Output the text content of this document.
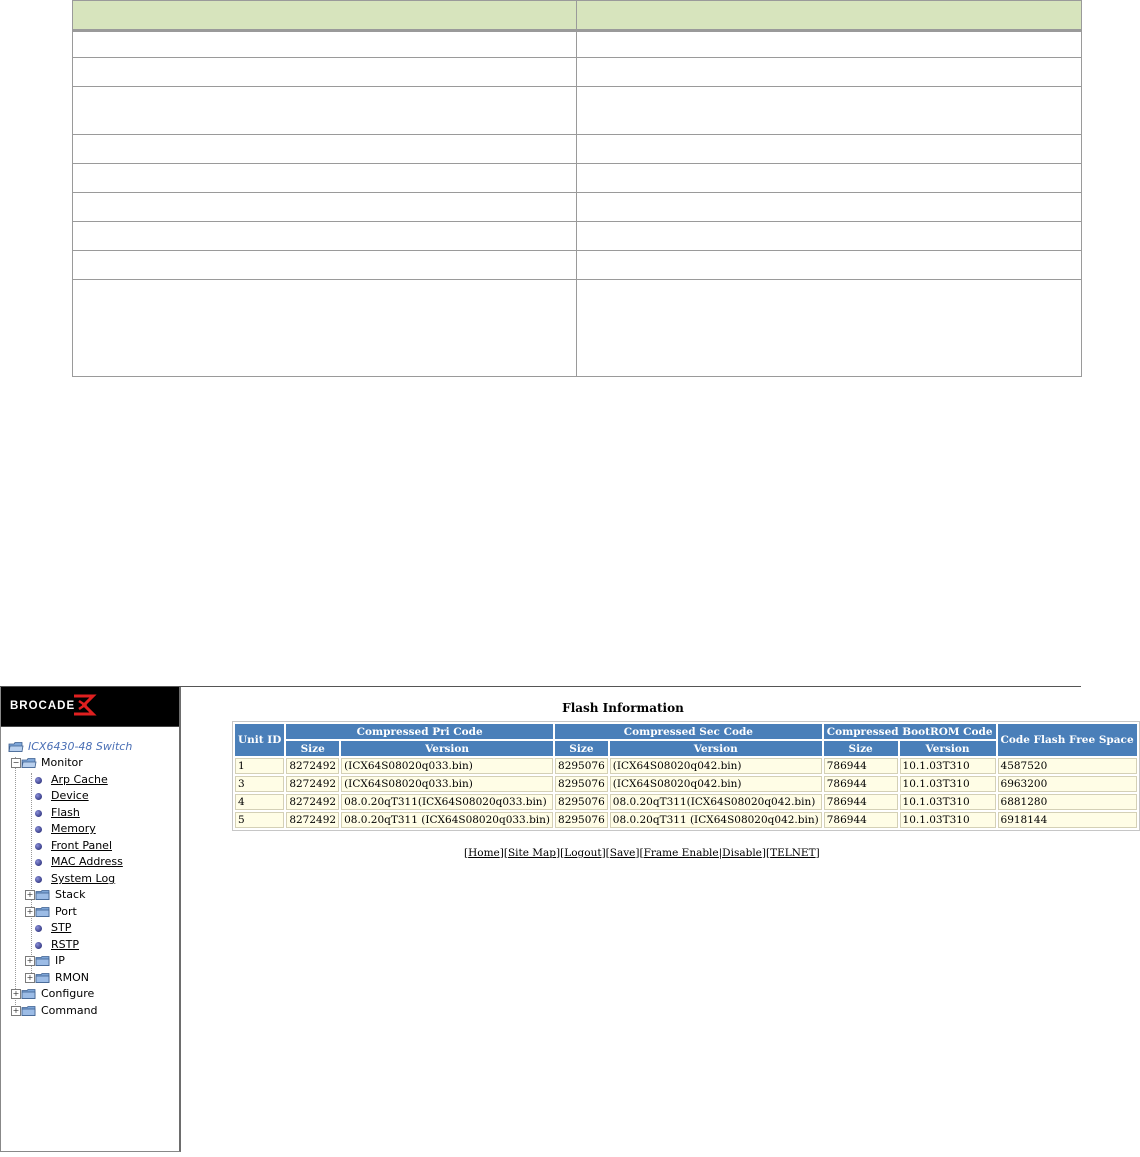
BROCADE
ICX6430-48 Switch
− Monitor
Arp Cache
Device
Flash
Memory
Front Panel
MAC Address
System Log
+ Stack
+ Port
STP
RSTP
+ IP
+ RMON
+ Configure
+ Command
Flash Information
Unit ID	Compressed Pri Code		Compressed Sec Code		Compressed BootROM Code		Code Flash Free Space
	Size	Version	Size	Version	Size	Version	
1	8272492	(ICX64S08020q033.bin)	8295076	(ICX64S08020q042.bin)	786944	10.1.03T310	4587520
3	8272492	(ICX64S08020q033.bin)	8295076	(ICX64S08020q042.bin)	786944	10.1.03T310	6963200
4	8272492	08.0.20qT311(ICX64S08020q033.bin)	8295076	08.0.20qT311(ICX64S08020q042.bin)	786944	10.1.03T310	6881280
5	8272492	08.0.20qT311 (ICX64S08020q033.bin)	8295076	08.0.20qT311 (ICX64S08020q042.bin)	786944	10.1.03T310	6918144
[Home][Site Map][Logout][Save][Frame Enable|Disable][TELNET]
